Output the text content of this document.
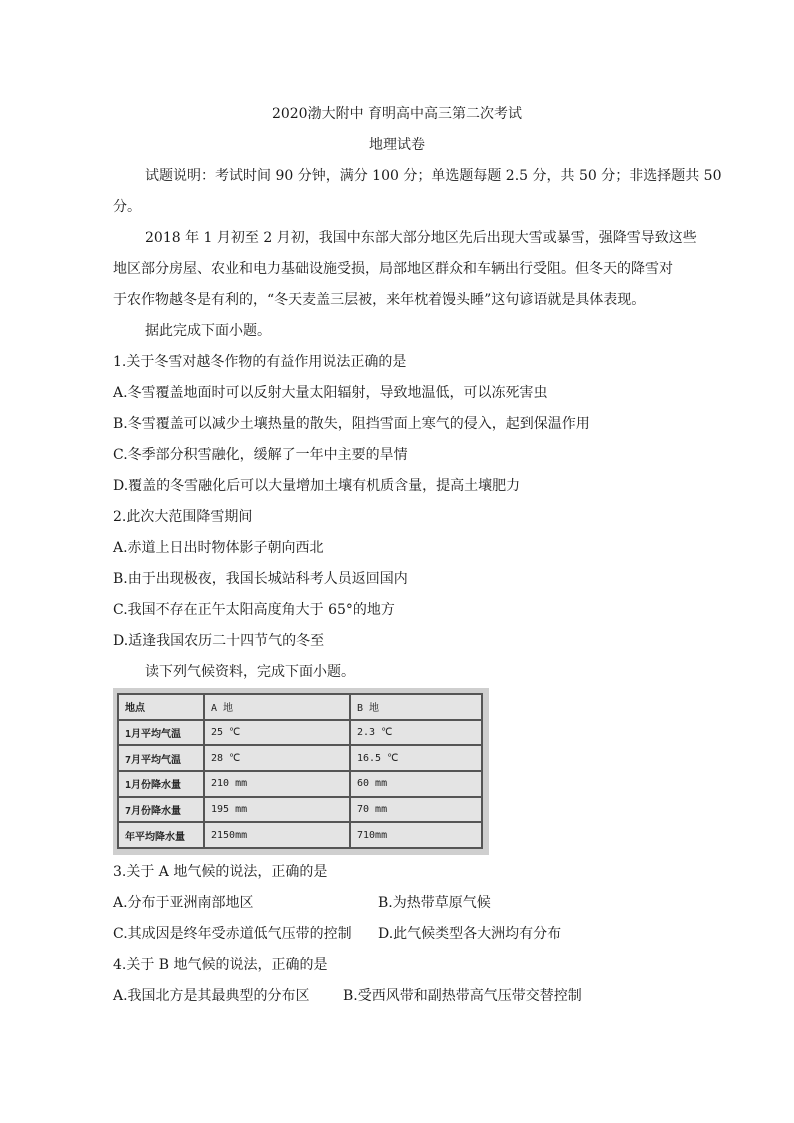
2020渤大附中 育明高中高三第二次考试
地理试卷
试题说明：考试时间 90 分钟，满分 100 分；单选题每题 2.5 分，共 50 分；非选择题共 50
分。
2018 年 1 月初至 2 月初，我国中东部大部分地区先后出现大雪或暴雪，强降雪导致这些
地区部分房屋、农业和电力基础设施受损，局部地区群众和车辆出行受阻。但冬天的降雪对
于农作物越冬是有利的，“冬天麦盖三层被，来年枕着馒头睡”这句谚语就是具体表现。
据此完成下面小题。
1.关于冬雪对越冬作物的有益作用说法正确的是
A.冬雪覆盖地面时可以反射大量太阳辐射，导致地温低，可以冻死害虫
B.冬雪覆盖可以减少土壤热量的散失，阻挡雪面上寒气的侵入，起到保温作用
C.冬季部分积雪融化，缓解了一年中主要的旱情
D.覆盖的冬雪融化后可以大量增加土壤有机质含量，提高土壤肥力
2.此次大范围降雪期间
A.赤道上日出时物体影子朝向西北
B.由于出现极夜，我国长城站科考人员返回国内
C.我国不存在正午太阳高度角大于 65°的地方
D.适逢我国农历二十四节气的冬至
读下列气候资料，完成下面小题。
地点	A 地	B 地
1月平均气温	25 ℃	2.3 ℃
7月平均气温	28 ℃	16.5 ℃
1月份降水量	210 mm	60 mm
7月份降水量	195 mm	70 mm
年平均降水量	2150mm	710mm
3.关于 A 地气候的说法，正确的是
A.分布于亚洲南部地区	B.为热带草原气候
C.其成因是终年受赤道低气压带的控制 D.此气候类型各大洲均有分布
4.关于 B 地气候的说法，正确的是
A.我国北方是其最典型的分布区 B.受西风带和副热带高气压带交替控制
